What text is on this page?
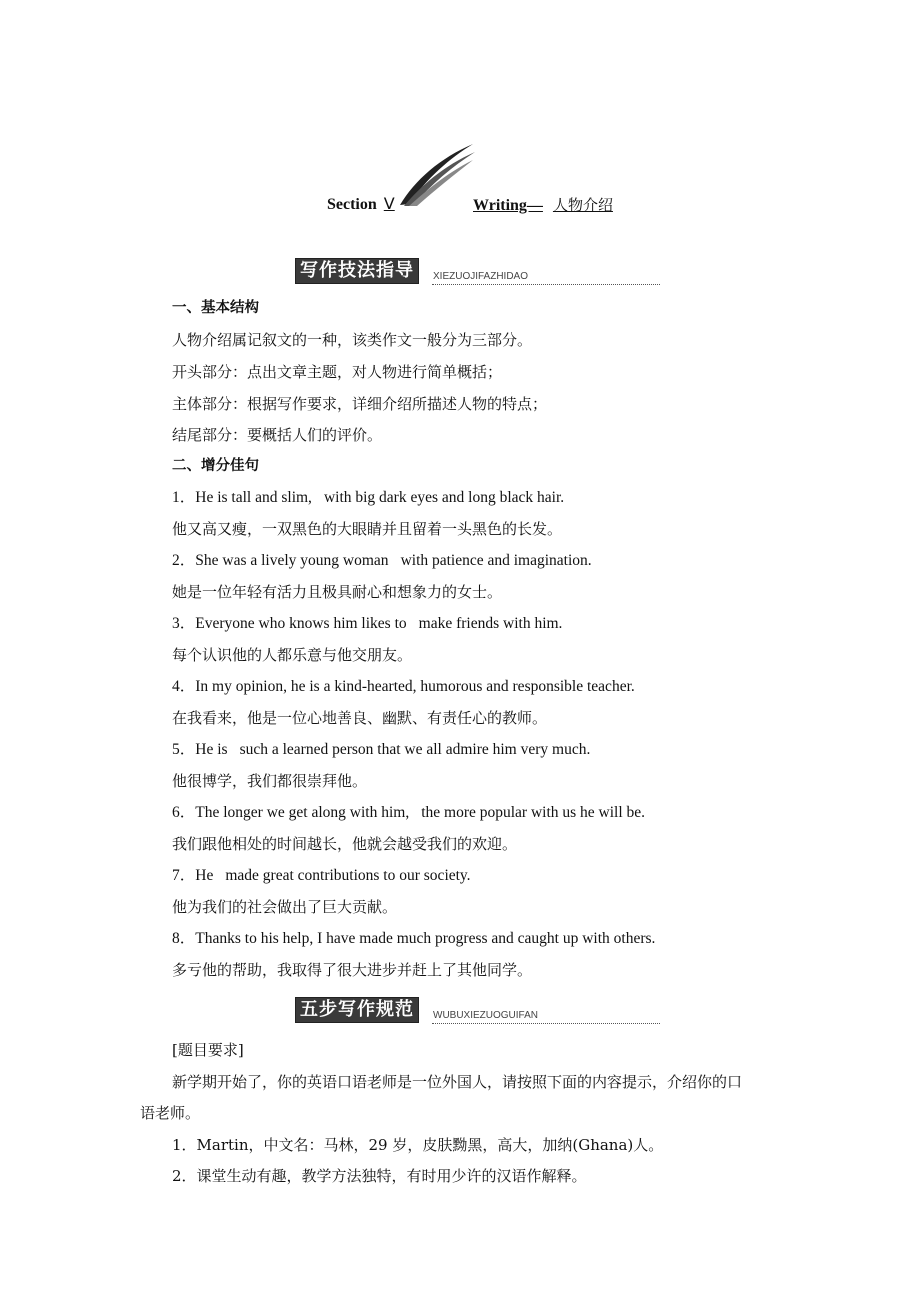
Section Ⅴ	Writing— 人物介绍
写作技法指导	XIEZUOJIFAZHIDAO
一、基本结构
人物介绍属记叙文的一种，该类作文一般分为三部分。
开头部分：点出文章主题，对人物进行简单概括；
主体部分：根据写作要求，详细介绍所描述人物的特点；
结尾部分：要概括人们的评价。
二、增分佳句
1．He is tall and slim, with big dark eyes and long black hair.
他又高又瘦，一双黑色的大眼睛并且留着一头黑色的长发。
2．She was a lively young woman with patience and imagination.
她是一位年轻有活力且极具耐心和想象力的女士。
3．Everyone who knows him likes to make friends with him.
每个认识他的人都乐意与他交朋友。
4．In my opinion, he is a kind-hearted, humorous and responsible teacher.
在我看来，他是一位心地善良、幽默、有责任心的教师。
5．He is such a learned person that we all admire him very much.
他很博学，我们都很崇拜他。
6．The longer we get along with him, the more popular with us he will be.
我们跟他相处的时间越长，他就会越受我们的欢迎。
7．He made great contributions to our society.
他为我们的社会做出了巨大贡献。
8．Thanks to his help, I have made much progress and caught up with others.
多亏他的帮助，我取得了很大进步并赶上了其他同学。
五步写作规范	WUBUXIEZUOGUIFAN
[题目要求]
新学期开始了，你的英语口语老师是一位外国人，请按照下面的内容提示，介绍你的口
语老师。
1．Martin，中文名：马林，29 岁，皮肤黝黑，高大，加纳(Ghana)人。
2．课堂生动有趣，教学方法独特，有时用少许的汉语作解释。
